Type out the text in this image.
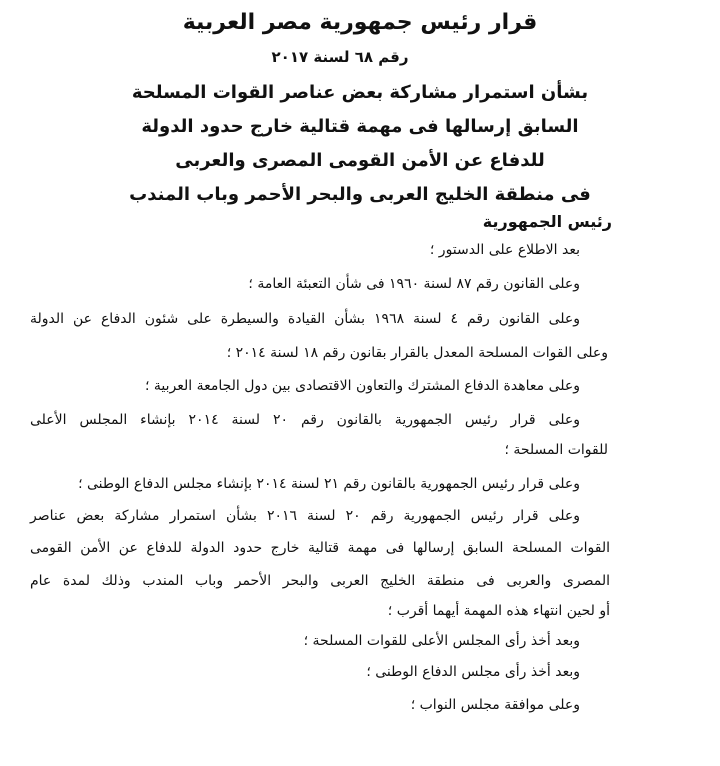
قرار رئيس جمهورية مصر العربية
رقم ٦٨ لسنة ٢٠١٧
بشأن استمرار مشاركة بعض عناصر القوات المسلحة
السابق إرسالها فى مهمة قتالية خارج حدود الدولة
للدفاع عن الأمن القومى المصرى والعربى
فى منطقة الخليج العربى والبحر الأحمر وباب المندب
رئيس الجمهورية
بعد الاطلاع على الدستور ؛
وعلى القانون رقم ٨٧ لسنة ١٩٦٠ فى شأن التعبئة العامة ؛
وعلى القانون رقم ٤ لسنة ١٩٦٨ بشأن القيادة والسيطرة على شئون الدفاع عن الدولة
وعلى القوات المسلحة المعدل بالقرار بقانون رقم ١٨ لسنة ٢٠١٤ ؛
وعلى معاهدة الدفاع المشترك والتعاون الاقتصادى بين دول الجامعة العربية ؛
وعلى قرار رئيس الجمهورية بالقانون رقم ٢٠ لسنة ٢٠١٤ بإنشاء المجلس الأعلى
للقوات المسلحة ؛
وعلى قرار رئيس الجمهورية بالقانون رقم ٢١ لسنة ٢٠١٤ بإنشاء مجلس الدفاع الوطنى ؛
وعلى قرار رئيس الجمهورية رقم ٢٠ لسنة ٢٠١٦ بشأن استمرار مشاركة بعض عناصر
القوات المسلحة السابق إرسالها فى مهمة قتالية خارج حدود الدولة للدفاع عن الأمن القومى
المصرى والعربى فى منطقة الخليج العربى والبحر الأحمر وباب المندب وذلك لمدة عام
أو لحين انتهاء هذه المهمة أيهما أقرب ؛
وبعد أخذ رأى المجلس الأعلى للقوات المسلحة ؛
وبعد أخذ رأى مجلس الدفاع الوطنى ؛
وعلى موافقة مجلس النواب ؛
